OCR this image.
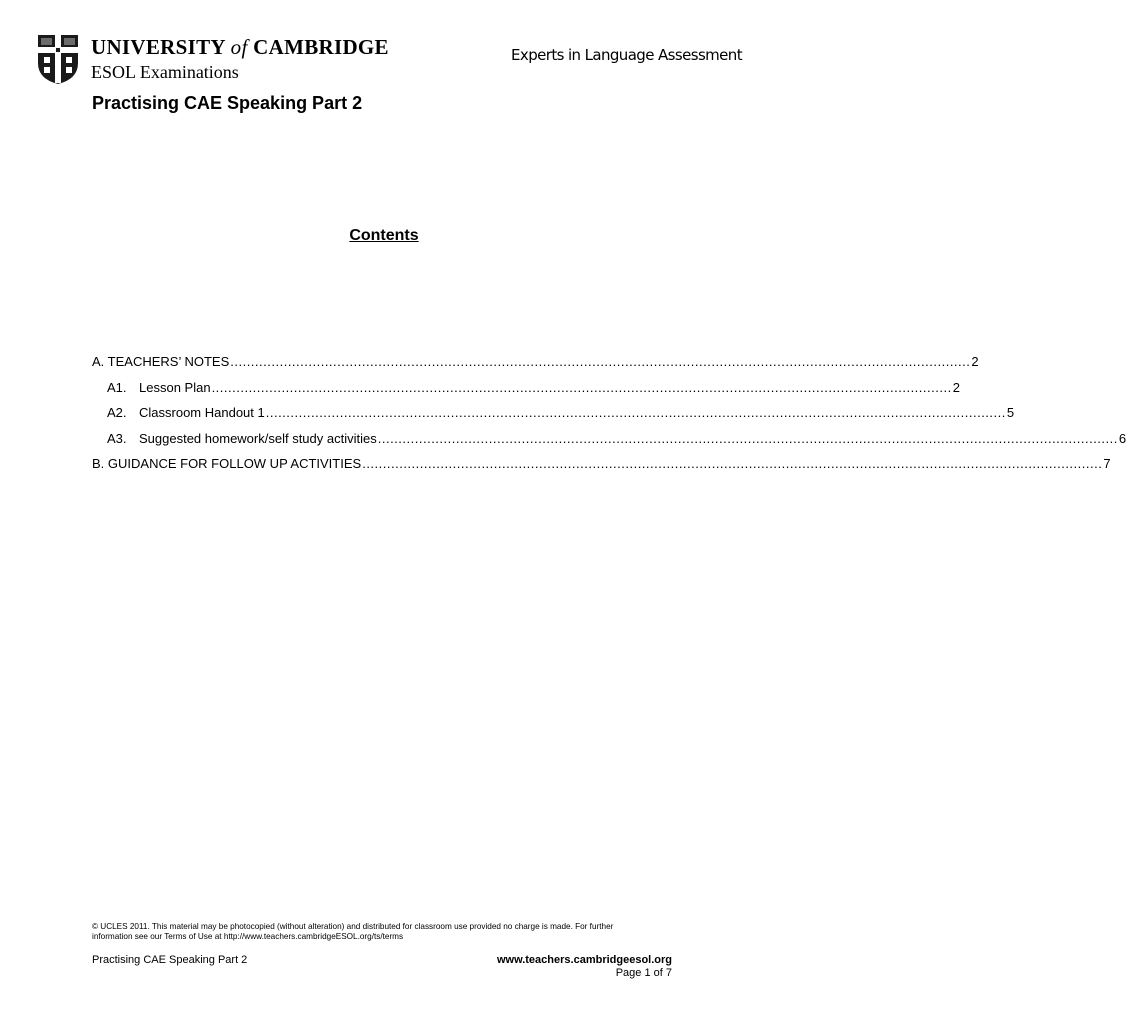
UNIVERSITY of CAMBRIDGE
ESOL Examinations
Experts in Language Assessment
Practising CAE Speaking Part 2
Contents
A. TEACHERS’ NOTES .................................................................................................................................................................................... 2
A1. Lesson Plan .................................................................................................................................................................................... 2
A2. Classroom Handout 1 .................................................................................................................................................................................... 5
A3. Suggested homework/self study activities .................................................................................................................................................................................... 6
B. GUIDANCE FOR FOLLOW UP ACTIVITIES .................................................................................................................................................................................... 7
© UCLES 2011. This material may be photocopied (without alteration) and distributed for classroom use provided no charge is made. For further
information see our Terms of Use at http://www.teachers.cambridgeESOL.org/ts/terms
Practising CAE Speaking Part 2	www.teachers.cambridgeesol.org
Page 1 of 7
